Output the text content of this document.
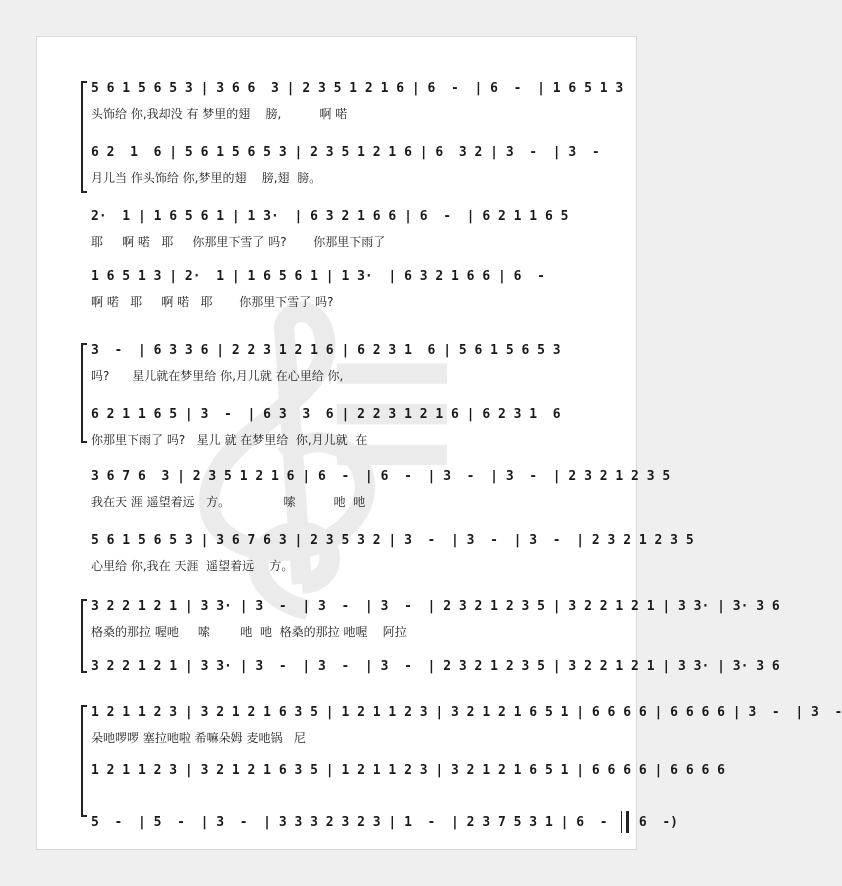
5 6 1 5 6 5 3 | 3 6 6  3 | 2 3 5 1 2 1 6 | 6  -  | 6  -  | 1 6 5 1 3
头饰给 你,我却没 有 梦里的翅    膀,          啊 喏
6 2  1  6 | 5 6 1 5 6 5 3 | 2 3 5 1 2 1 6 | 6  3 2 | 3  -  | 3  -
月儿当 作头饰给 你,梦里的翅    膀,翅  膀。
2·  1 | 1 6 5 6 1 | 1 3·  | 6 3 2 1 6 6 | 6  -  | 6 2 1 1 6 5
耶     啊 喏   耶     你那里下雪了 吗?       你那里下雨了
1 6 5 1 3 | 2·  1 | 1 6 5 6 1 | 1 3·  | 6 3 2 1 6 6 | 6  -
啊 喏   耶     啊 喏   耶       你那里下雪了 吗?
3  -  | 6 3 3 6 | 2 2 3 1 2 1 6 | 6 2 3 1  6 | 5 6 1 5 6 5 3
吗?      星儿就在梦里给 你,月儿就 在心里给 你,
6 2 1 1 6 5 | 3  -  | 6 3  3  6 | 2 2 3 1 2 1 6 | 6 2 3 1  6
你那里下雨了 吗?   星儿 就 在梦里给  你,月儿就  在
3 6 7 6  3 | 2 3 5 1 2 1 6 | 6  -  | 6  -  | 3  -  | 3  -  | 2 3 2 1 2 3 5
我在天 涯 遥望着远   方。              嗦          吔  吔
5 6 1 5 6 5 3 | 3 6 7 6 3 | 2 3 5 3 2 | 3  -  | 3  -  | 3  -  | 2 3 2 1 2 3 5
心里给 你,我在 天涯  遥望着远    方。
3 2 2 1 2 1 | 3 3· | 3  -  | 3  -  | 3  -  | 2 3 2 1 2 3 5 | 3 2 2 1 2 1 | 3 3· | 3· 3 6
格桑的那拉 喔吔     嗦        吔  吔  格桑的那拉 吔喔    阿拉
3 2 2 1 2 1 | 3 3· | 3  -  | 3  -  | 3  -  | 2 3 2 1 2 3 5 | 3 2 2 1 2 1 | 3 3· | 3· 3 6
1 2 1 1 2 3 | 3 2 1 2 1 6 3 5 | 1 2 1 1 2 3 | 3 2 1 2 1 6 5 1 | 6 6 6 6 | 6 6 6 6 | 3  -  | 3  -
朵吔啰啰 塞拉吔啦 希嘛朵姆 麦吔锅   尼
1 2 1 1 2 3 | 3 2 1 2 1 6 3 5 | 1 2 1 1 2 3 | 3 2 1 2 1 6 5 1 | 6 6 6 6 | 6 6 6 6
5  -  | 5  -  | 3  -  | 3 3 3 2 3 2 3 | 1  -  | 2 3 7 5 3 1 | 6  -  | 6  -)
